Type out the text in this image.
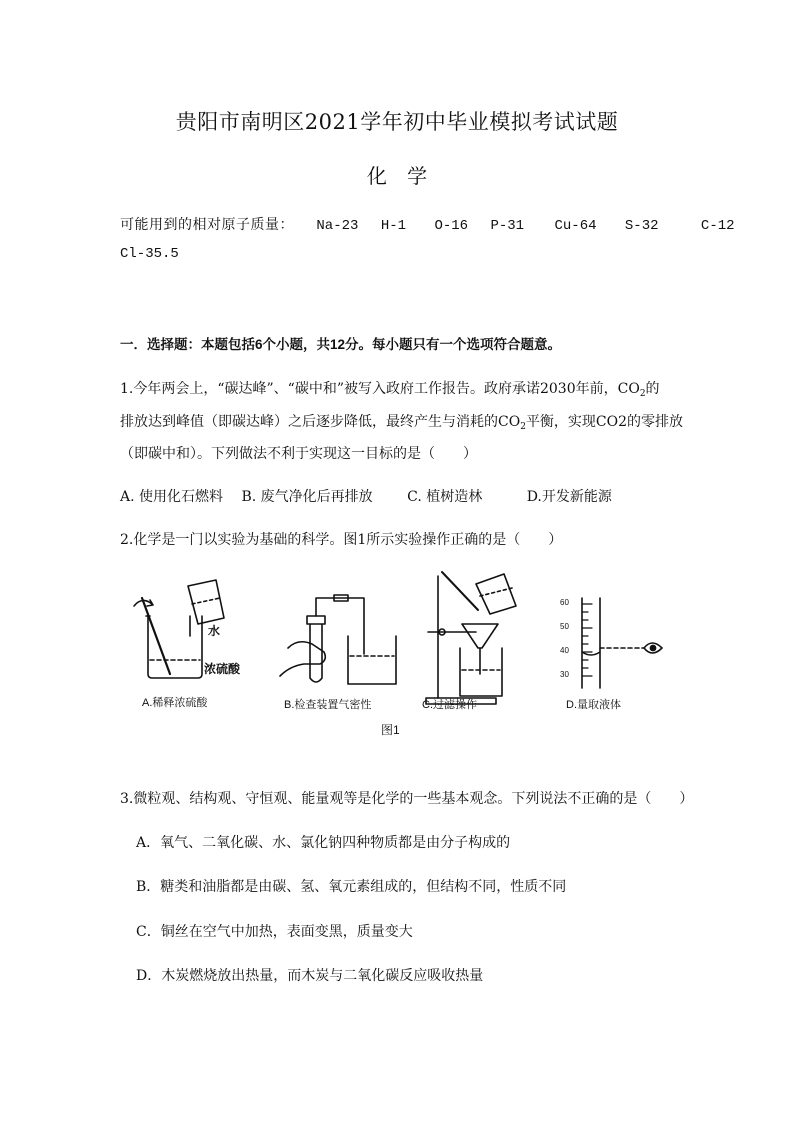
贵阳市南明区2021学年初中毕业模拟考试试题
化 学
可能用到的相对原子质量： Na-23 H-1 O-16 P-31 Cu-64 S-32	C-12
Cl-35.5
一．选择题：本题包括6个小题，共12分。每小题只有一个选项符合题意。
1.今年两会上，“碳达峰”、“碳中和”被写入政府工作报告。政府承诺2030年前，$CO_2$的
排放达到峰值（即碳达峰）之后逐步降低，最终产生与消耗的$CO_2$平衡，实现CO2的零排放
（即碳中和）。下列做法不利于实现这一目标的是（　　）
A. 使用化石燃料 B. 废气净化后再排放 C. 植树造林	D.开发新能源
2.化学是一门以实验为基础的科学。图1所示实验操作正确的是（　　）
水
浓硫酸
60
50
40
30
A.稀释浓硫酸	B.检查装置气密性	C.过滤操作	D.量取液体
图1
3.微粒观、结构观、守恒观、能量观等是化学的一些基本观念。下列说法不正确的是（　　）
A．氧气、二氧化碳、水、氯化钠四种物质都是由分子构成的
B．糖类和油脂都是由碳、氢、氧元素组成的，但结构不同，性质不同
C．铜丝在空气中加热，表面变黑，质量变大
D．木炭燃烧放出热量，而木炭与二氧化碳反应吸收热量
